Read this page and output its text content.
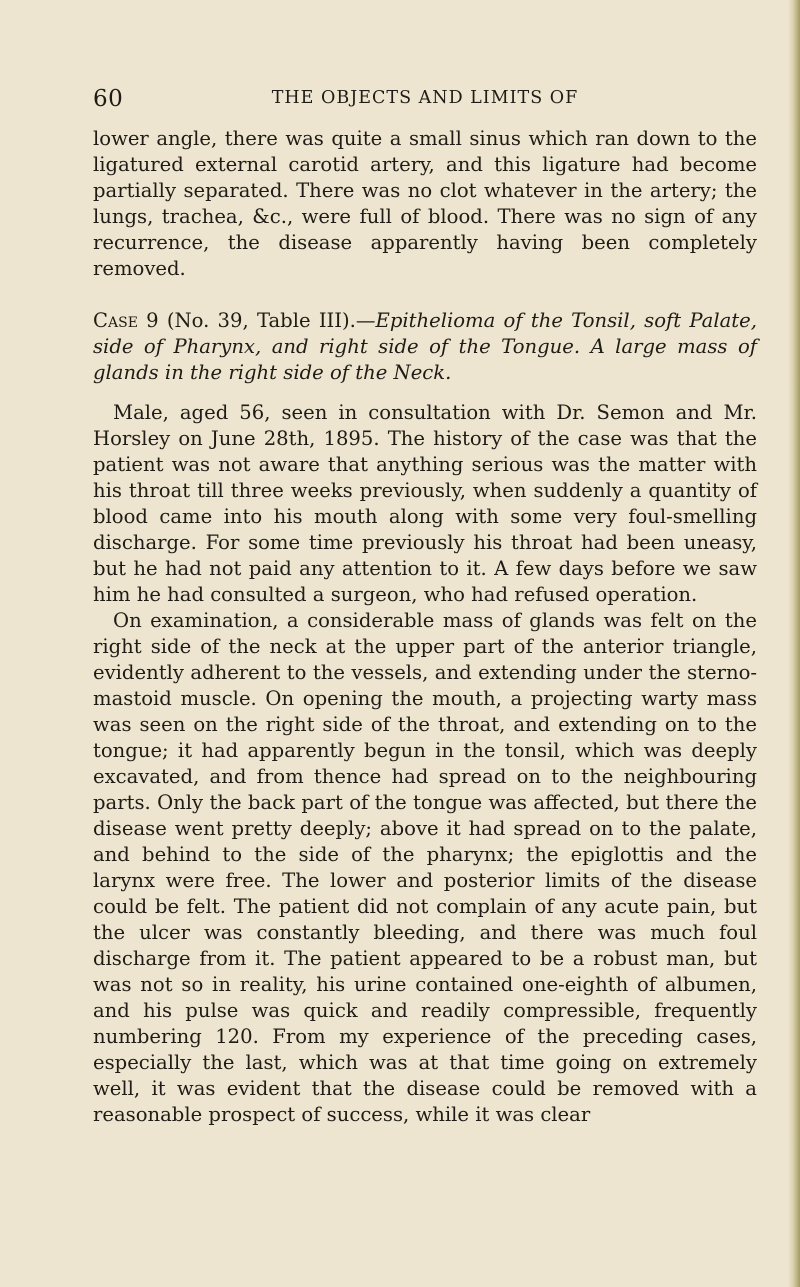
60	THE OBJECTS AND LIMITS OF

lower angle, there was quite a small sinus which ran down to the ligatured external carotid artery, and this ligature had become partially separated. There was no clot whatever in the artery; the lungs, trachea, &c., were full of blood. There was no sign of any recurrence, the disease apparently having been completely removed.

Case 9 (No. 39, Table III).—Epithelioma of the Tonsil, soft Palate, side of Pharynx, and right side of the Tongue. A large mass of glands in the right side of the Neck.

Male, aged 56, seen in consultation with Dr. Semon and Mr. Horsley on June 28th, 1895. The history of the case was that the patient was not aware that anything serious was the matter with his throat till three weeks previously, when suddenly a quantity of blood came into his mouth along with some very foul-smelling discharge. For some time previously his throat had been uneasy, but he had not paid any attention to it. A few days before we saw him he had consulted a surgeon, who had refused operation.

On examination, a considerable mass of glands was felt on the right side of the neck at the upper part of the anterior triangle, evidently adherent to the vessels, and extending under the sterno-mastoid muscle. On opening the mouth, a projecting warty mass was seen on the right side of the throat, and extending on to the tongue; it had apparently begun in the tonsil, which was deeply excavated, and from thence had spread on to the neighbouring parts. Only the back part of the tongue was affected, but there the disease went pretty deeply; above it had spread on to the palate, and behind to the side of the pharynx; the epiglottis and the larynx were free. The lower and posterior limits of the disease could be felt. The patient did not complain of any acute pain, but the ulcer was constantly bleeding, and there was much foul discharge from it. The patient appeared to be a robust man, but was not so in reality, his urine contained one-eighth of albumen, and his pulse was quick and readily compressible, frequently numbering 120. From my experience of the preceding cases, especially the last, which was at that time going on extremely well, it was evident that the disease could be removed with a reasonable prospect of success, while it was clear
